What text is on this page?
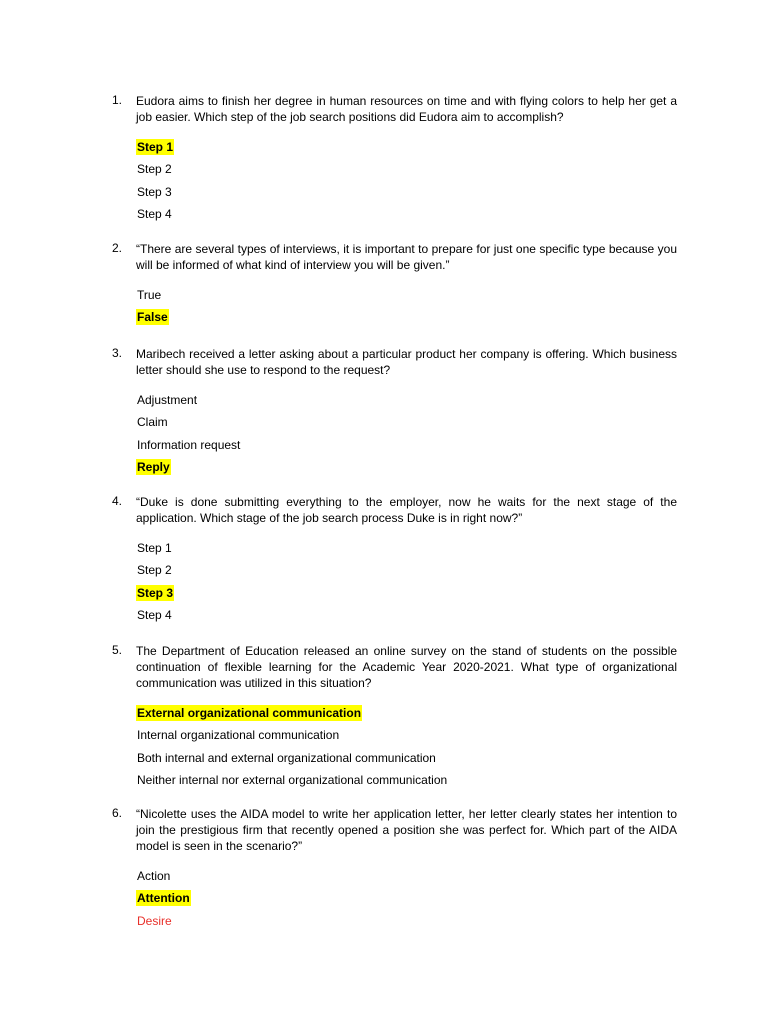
1.	Eudora aims to finish her degree in human resources on time and with flying colors to help her get a job easier. Which step of the job search positions did Eudora aim to accomplish?
Step 1
Step 2
Step 3
Step 4
2.	“There are several types of interviews, it is important to prepare for just one specific type because you will be informed of what kind of interview you will be given.”
True
False
3.	Maribech received a letter asking about a particular product her company is offering. Which business letter should she use to respond to the request?
Adjustment
Claim
Information request
Reply
4.	“Duke is done submitting everything to the employer, now he waits for the next stage of the application. Which stage of the job search process Duke is in right now?”
Step 1
Step 2
Step 3
Step 4
5.	The Department of Education released an online survey on the stand of students on the possible continuation of flexible learning for the Academic Year 2020-2021. What type of organizational communication was utilized in this situation?
External organizational communication
Internal organizational communication
Both internal and external organizational communication
Neither internal nor external organizational communication
6.	“Nicolette uses the AIDA model to write her application letter, her letter clearly states her intention to join the prestigious firm that recently opened a position she was perfect for. Which part of the AIDA model is seen in the scenario?”
Action
Attention
Desire
